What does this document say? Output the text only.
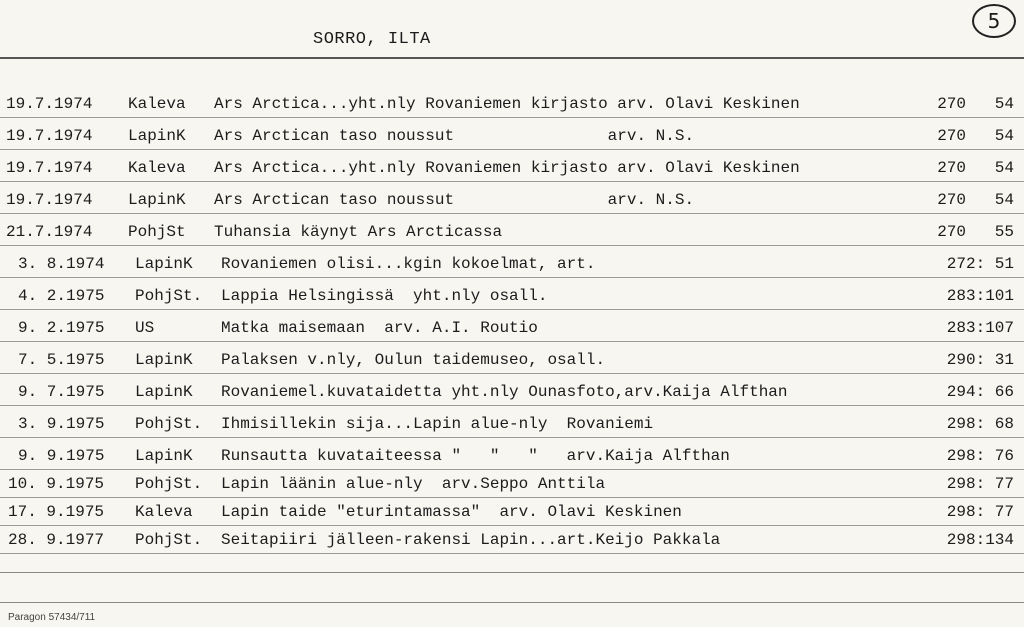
SORRO, ILTA
5
19.7.1974 Kaleva Ars Arctica...yht.nly Rovaniemen kirjasto arv. Olavi Keskinen	270   54
19.7.1974 LapinK Ars Arctican taso noussut                arv. N.S.	270   54
19.7.1974 Kaleva Ars Arctica...yht.nly Rovaniemen kirjasto arv. Olavi Keskinen	270   54
19.7.1974 LapinK Ars Arctican taso noussut                arv. N.S.	270   54
21.7.1974 PohjSt Tuhansia käynyt Ars Arcticassa	270   55
3. 8.1974 LapinK Rovaniemen olisi...kgin kokoelmat, art.	272: 51
4. 2.1975 PohjSt. Lappia Helsingissä  yht.nly osall.	283:101
9. 2.1975 US	Matka maisemaan  arv. A.I. Routio	283:107
7. 5.1975 LapinK Palaksen v.nly, Oulun taidemuseo, osall.	290: 31
9. 7.1975 LapinK Rovaniemel.kuvataidetta yht.nly Ounasfoto,arv.Kaija Alfthan	294: 66
3. 9.1975 PohjSt. Ihmisillekin sija...Lapin alue-nly  Rovaniemi	298: 68
9. 9.1975 LapinK Runsautta kuvataiteessa "   "   "   arv.Kaija Alfthan	298: 76
10. 9.1975 PohjSt. Lapin läänin alue-nly  arv.Seppo Anttila	298: 77
17. 9.1975 Kaleva Lapin taide "eturintamassa"  arv. Olavi Keskinen	298: 77
28. 9.1977 PohjSt. Seitapiiri jälleen-rakensi Lapin...art.Keijo Pakkala	298:134
Paragon 57434/711
